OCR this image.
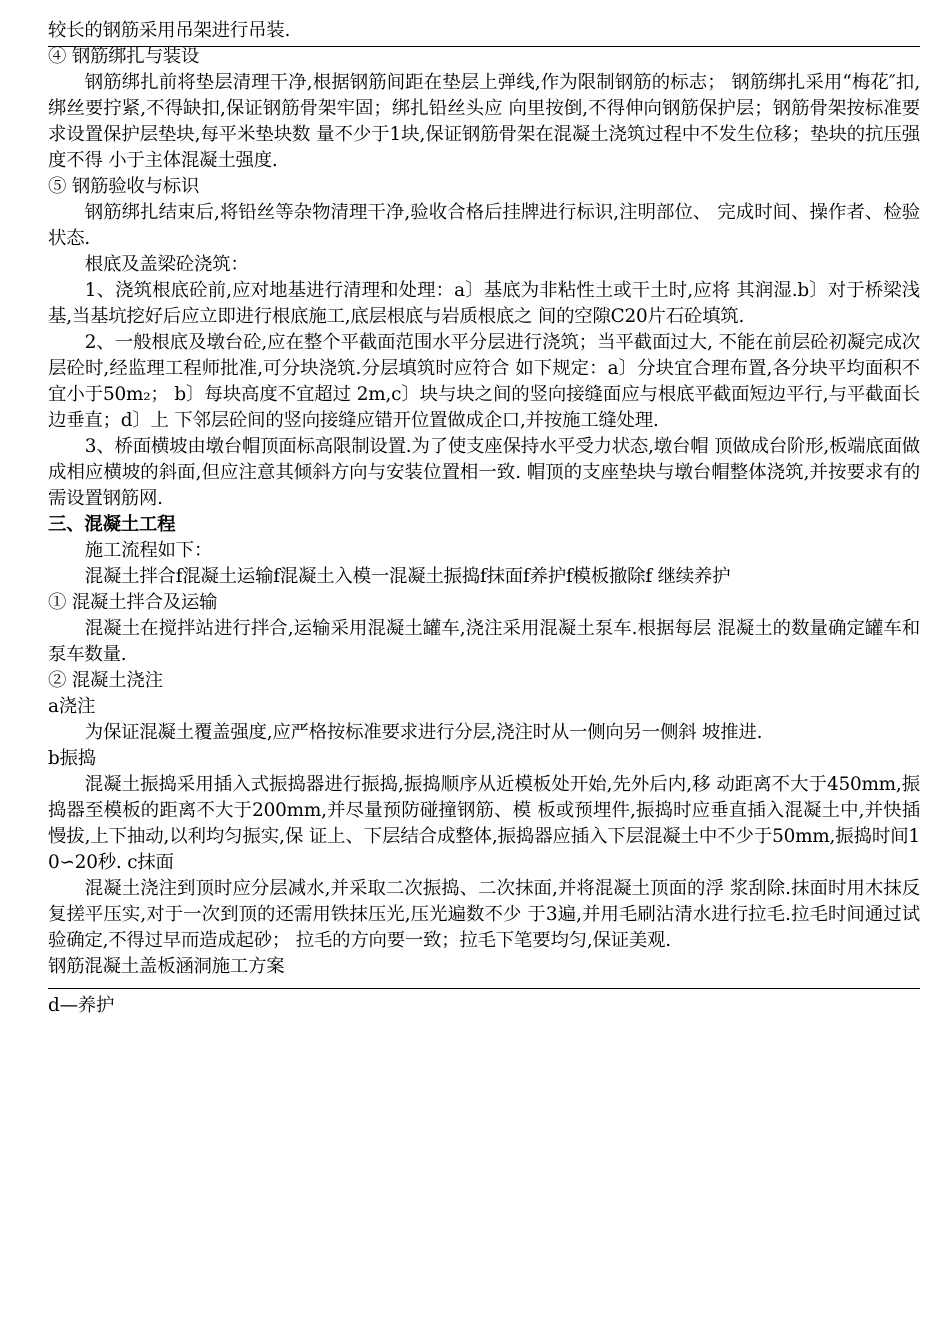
较长的钢筋采用吊架进行吊装.
④ 钢筋绑扎与装设
钢筋绑扎前将垫层清理干净,根据钢筋间距在垫层上弹线,作为限制钢筋的标志； 钢筋绑扎采用“梅花″扣,绑丝要拧紧,不得缺扣,保证钢筋骨架牢固；绑扎铅丝头应 向里按倒,不得伸向钢筋保护层；钢筋骨架按标准要求设置保护层垫块,每平米垫块数 量不少于1块,保证钢筋骨架在混凝土浇筑过程中不发生位移；垫块的抗压强度不得 小于主体混凝土强度.
⑤ 钢筋验收与标识
钢筋绑扎结束后,将铅丝等杂物清理干净,验收合格后挂牌进行标识,注明部位、 完成时间、操作者、检验状态.
根底及盖梁砼浇筑：
1、浇筑根底砼前,应对地基进行清理和处理：a〕基底为非粘性土或干土时,应将 其润湿.b〕对于桥梁浅基,当基坑挖好后应立即进行根底施工,底层根底与岩质根底之 间的空隙C20片石砼填筑.
2、一般根底及墩台砼,应在整个平截面范围水平分层进行浇筑；当平截面过大, 不能在前层砼初凝完成次层砼时,经监理工程师批准,可分块浇筑.分层填筑时应符合 如下规定：a〕分块宜合理布置,各分块平均面积不宜小于50m₂； b〕每块高度不宜超过 2m,c〕块与块之间的竖向接缝面应与根底平截面短边平行,与平截面长边垂直；d〕上 下邻层砼间的竖向接缝应错开位置做成企口,并按施工缝处理.
3、桥面横坡由墩台帽顶面标高限制设置.为了使支座保持水平受力状态,墩台帽 顶做成台阶形,板端底面做成相应横坡的斜面,但应注意其倾斜方向与安装位置相一致. 帽顶的支座垫块与墩台帽整体浇筑,并按要求有的需设置钢筋网.
三、混凝土工程
施工流程如下：
混凝土拌合f混凝土运输f混凝土入模一混凝土振捣f抹面f养护f模板撤除f 继续养护
① 混凝土拌合及运输
混凝土在搅拌站进行拌合,运输采用混凝土罐车,浇注采用混凝土泵车.根据每层 混凝土的数量确定罐车和泵车数量.
② 混凝土浇注
a浇注
为保证混凝土覆盖强度,应严格按标准要求进行分层,浇注时从一侧向另一侧斜 坡推进.
b振捣
混凝土振捣采用插入式振捣器进行振捣,振捣顺序从近模板处开始,先外后内,移 动距离不大于450mm,振捣器至模板的距离不大于200mm,并尽量预防碰撞钢筋、模 板或预埋件,振捣时应垂直插入混凝土中,并快插慢拔,上下抽动,以利均匀振实,保 证上、下层结合成整体,振捣器应插入下层混凝土中不少于50mm,振捣时间10∽20秒. c抹面
混凝土浇注到顶时应分层减水,并采取二次振捣、二次抹面,并将混凝土顶面的浮 浆刮除.抹面时用木抹反复搓平压实,对于一次到顶的还需用铁抹压光,压光遍数不少 于3遍,并用毛刷沾清水进行拉毛.拉毛时间通过试验确定,不得过早而造成起砂； 拉毛的方向要一致；拉毛下笔要均匀,保证美观.
钢筋混凝土盖板涵洞施工方案
d—养护
